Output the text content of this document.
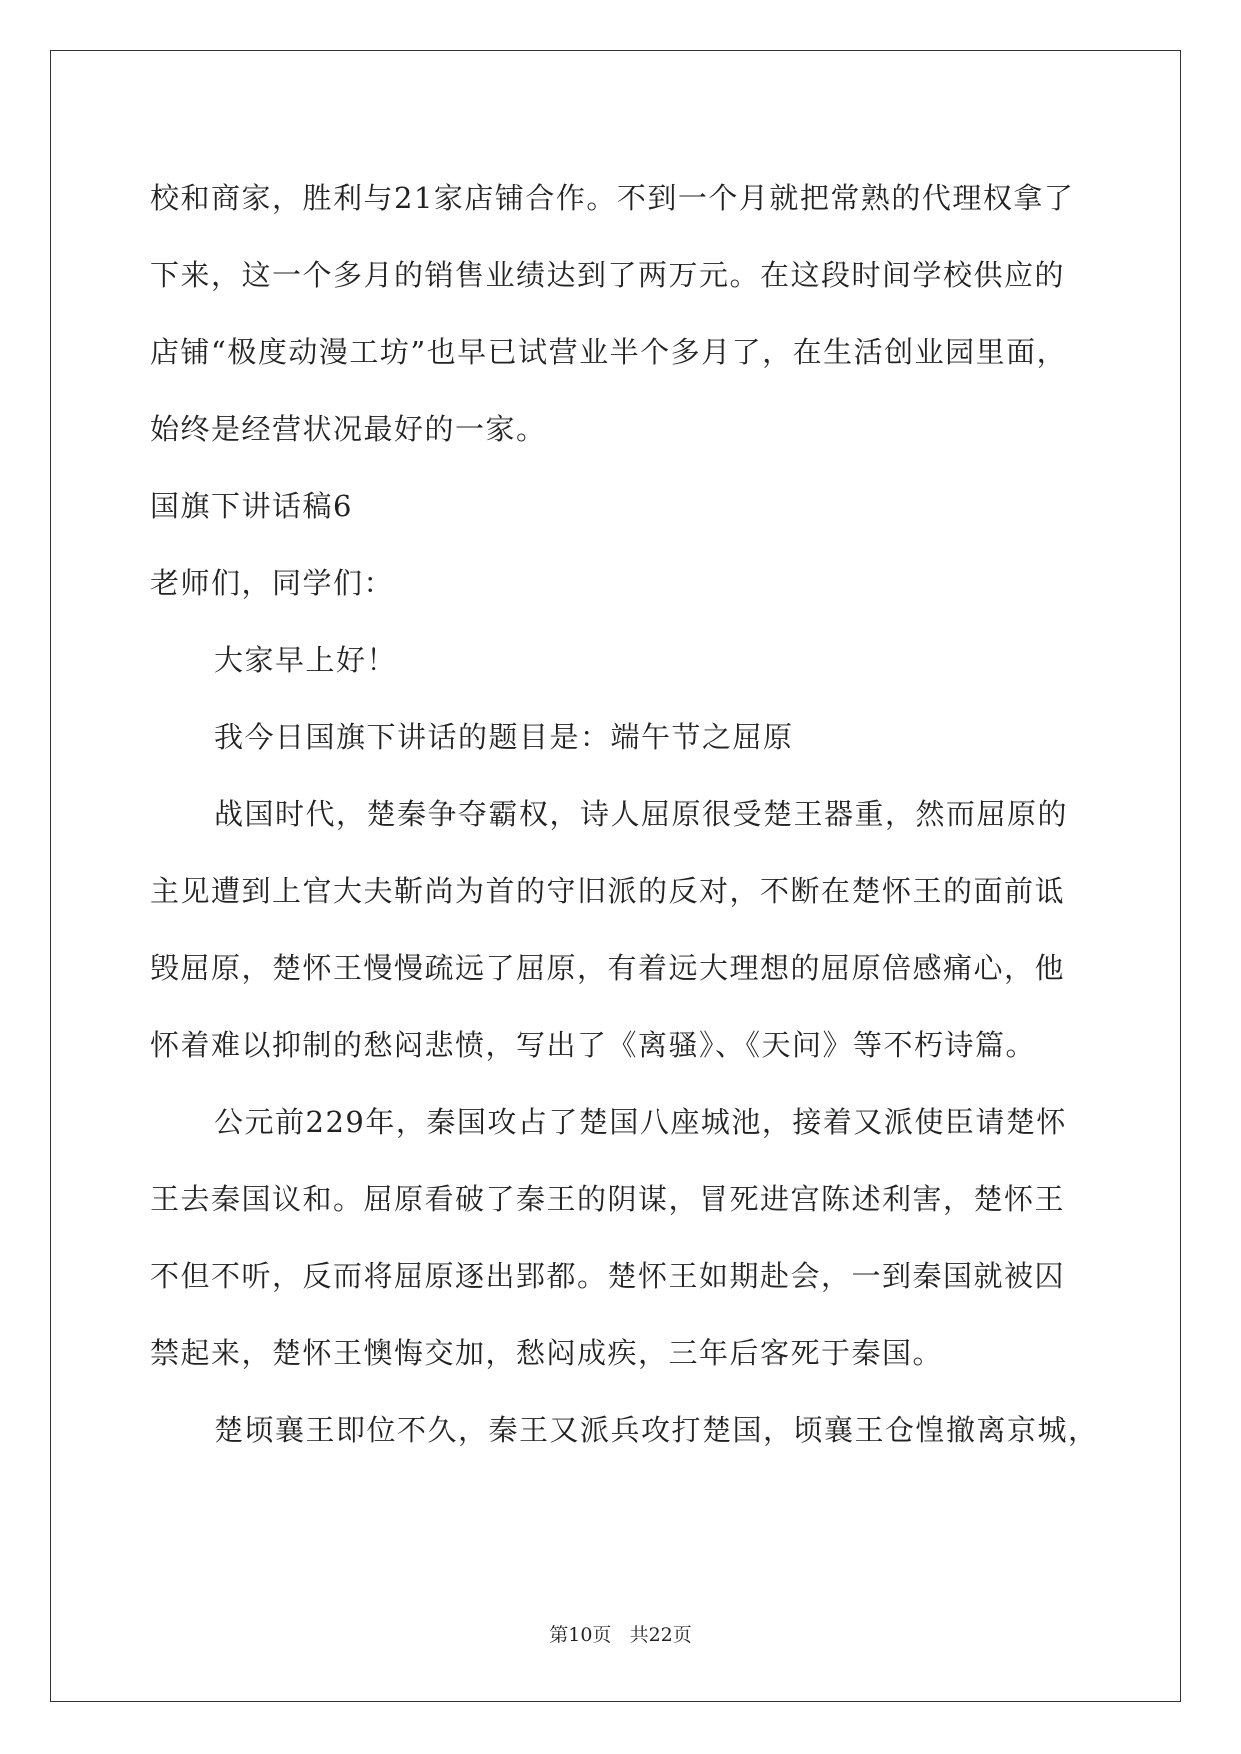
校和商家，胜利与21家店铺合作。不到一个月就把常熟的代理权拿了
下来，这一个多月的销售业绩达到了两万元。在这段时间学校供应的
店铺“极度动漫工坊”也早已试营业半个多月了，在生活创业园里面，
始终是经营状况最好的一家。
国旗下讲话稿6
老师们，同学们：
大家早上好！
我今日国旗下讲话的题目是：端午节之屈原
战国时代，楚秦争夺霸权，诗人屈原很受楚王器重，然而屈原的
主见遭到上官大夫靳尚为首的守旧派的反对，不断在楚怀王的面前诋
毁屈原，楚怀王慢慢疏远了屈原，有着远大理想的屈原倍感痛心，他
怀着难以抑制的愁闷悲愤，写出了《离骚》、《天问》等不朽诗篇。
公元前229年，秦国攻占了楚国八座城池，接着又派使臣请楚怀
王去秦国议和。屈原看破了秦王的阴谋，冒死进宫陈述利害，楚怀王
不但不听，反而将屈原逐出郢都。楚怀王如期赴会，一到秦国就被囚
禁起来，楚怀王懊悔交加，愁闷成疾，三年后客死于秦国。
楚顷襄王即位不久，秦王又派兵攻打楚国，顷襄王仓惶撤离京城，
第10页 共22页
